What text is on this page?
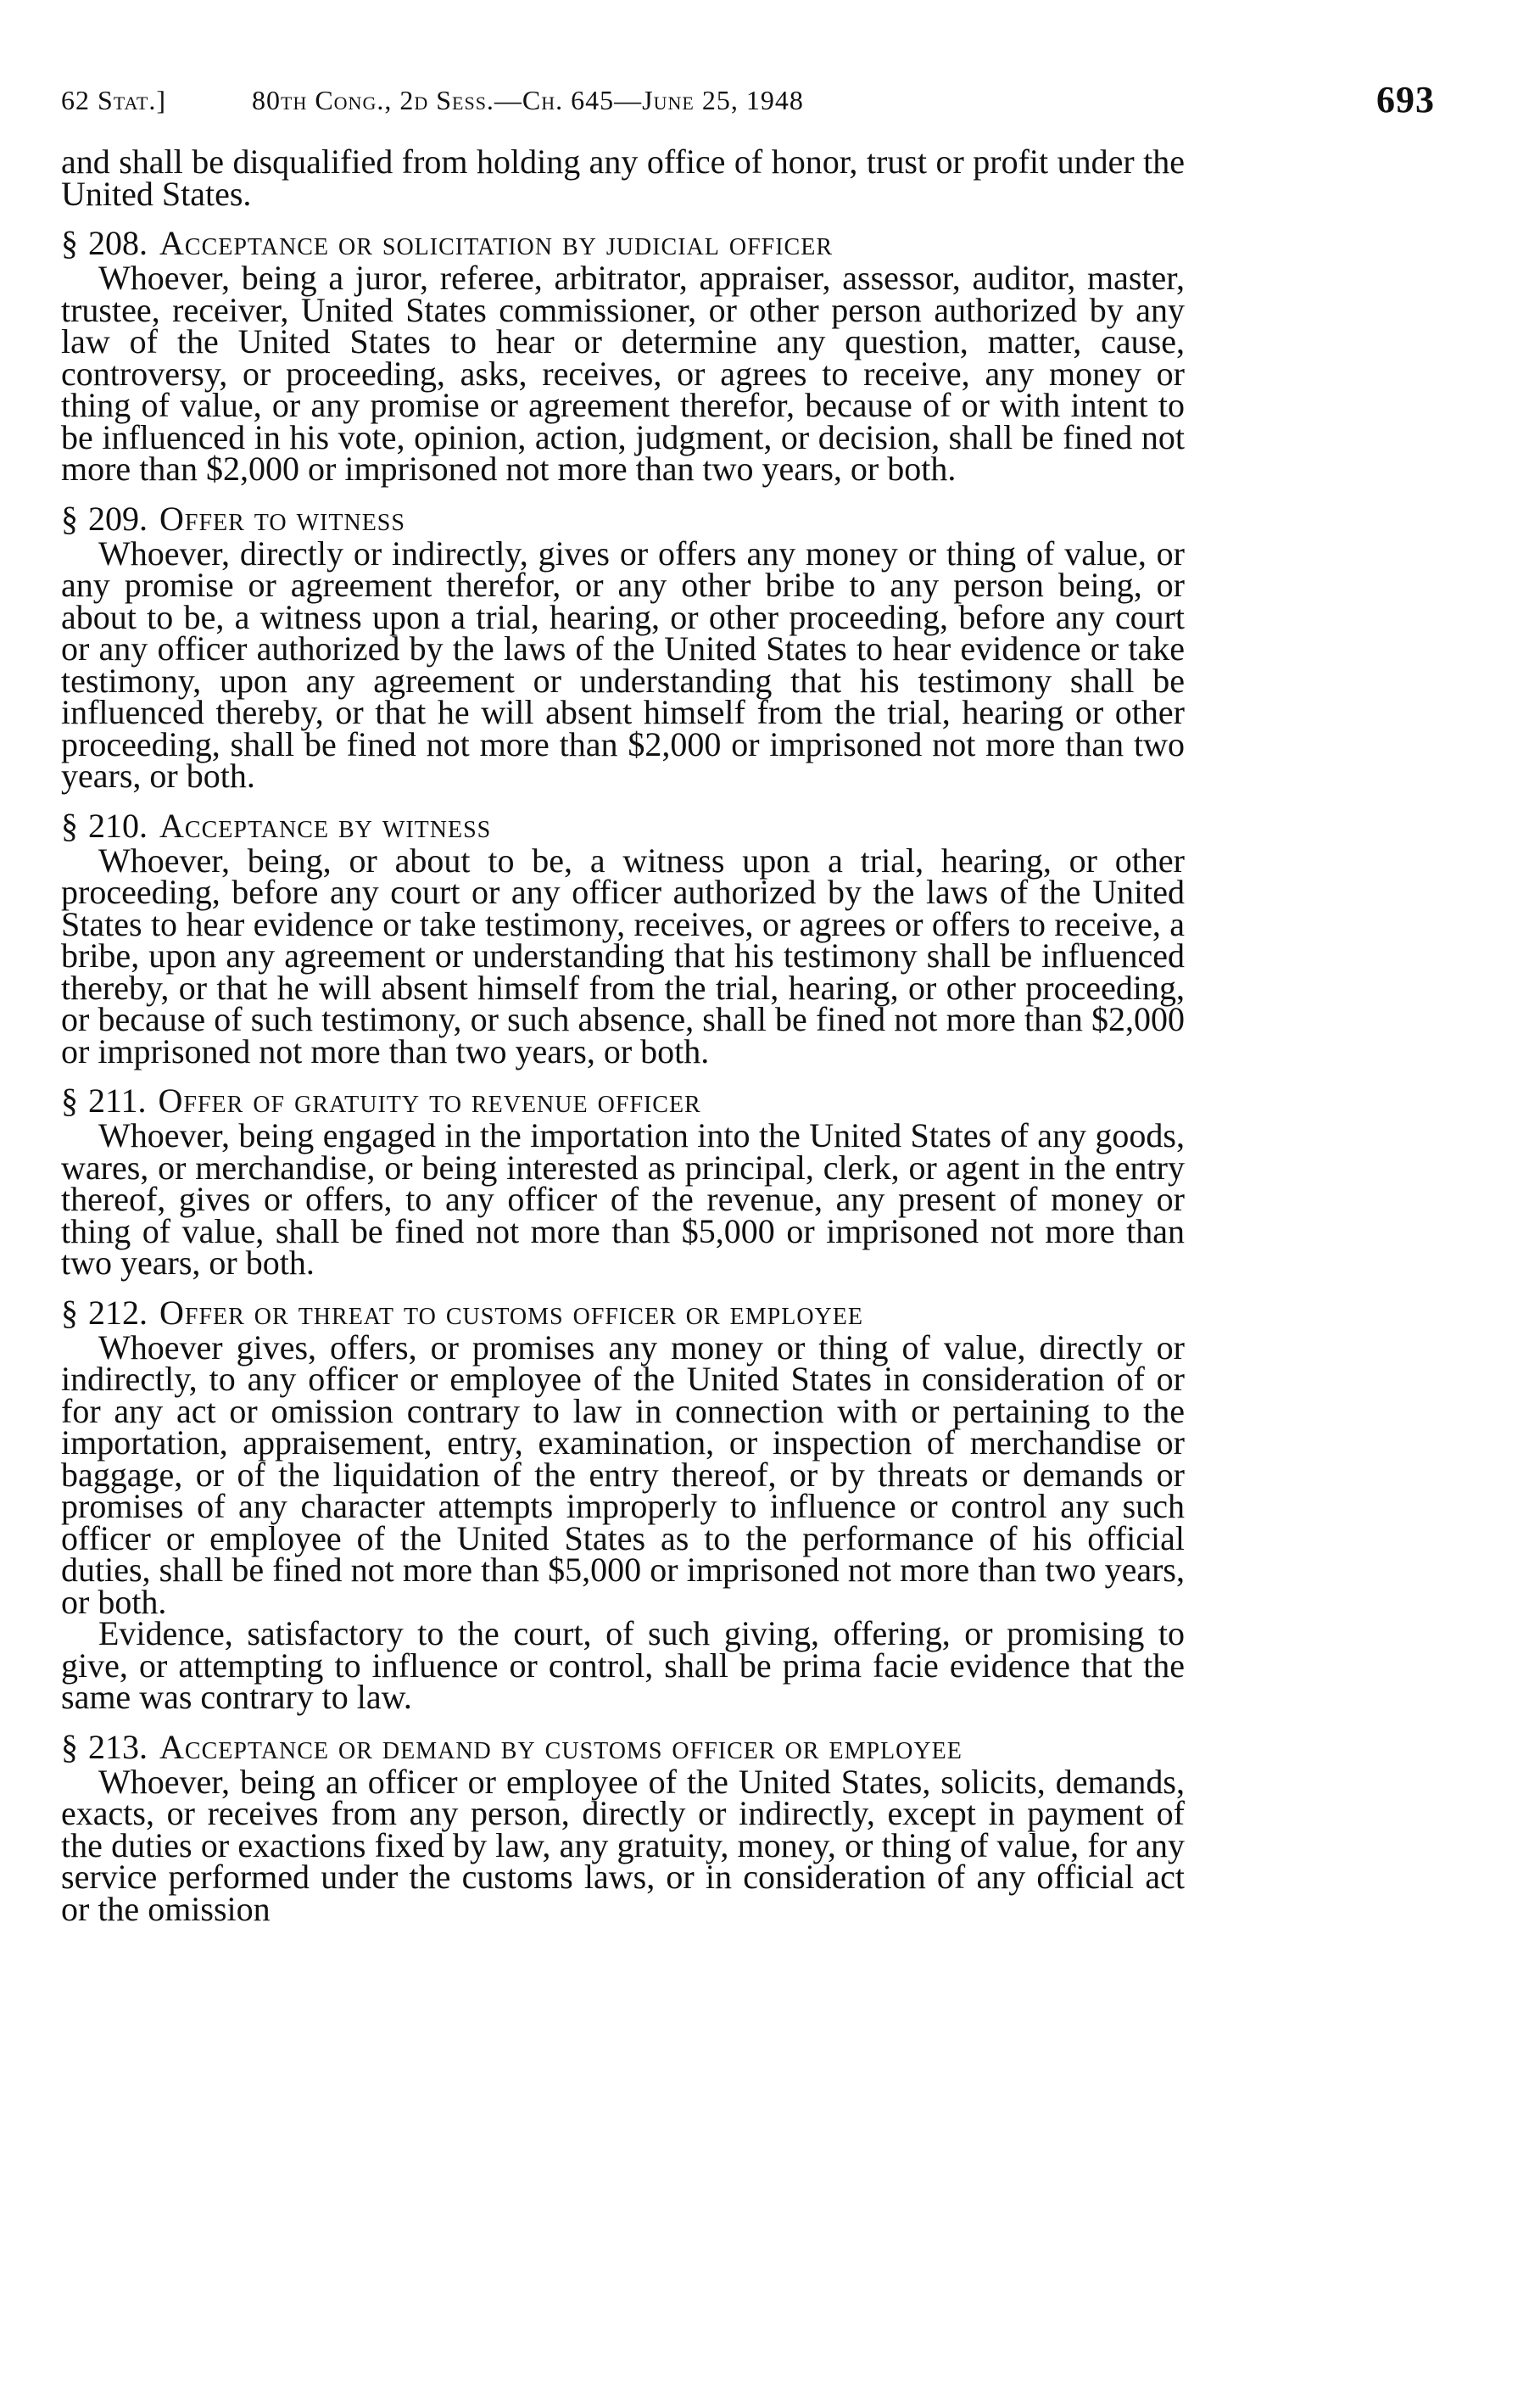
62 Stat.]	80th Cong., 2d Sess.—Ch. 645—June 25, 1948	693

and shall be disqualified from holding any office of honor, trust or profit under the United States.

§ 208. Acceptance or solicitation by judicial officer

Whoever, being a juror, referee, arbitrator, appraiser, assessor, auditor, master, trustee, receiver, United States commissioner, or other person authorized by any law of the United States to hear or determine any question, matter, cause, controversy, or proceeding, asks, receives, or agrees to receive, any money or thing of value, or any promise or agreement therefor, because of or with intent to be influenced in his vote, opinion, action, judgment, or decision, shall be fined not more than $2,000 or imprisoned not more than two years, or both.

§ 209. Offer to witness

Whoever, directly or indirectly, gives or offers any money or thing of value, or any promise or agreement therefor, or any other bribe to any person being, or about to be, a witness upon a trial, hearing, or other proceeding, before any court or any officer authorized by the laws of the United States to hear evidence or take testimony, upon any agreement or understanding that his testimony shall be influenced thereby, or that he will absent himself from the trial, hearing or other proceeding, shall be fined not more than $2,000 or imprisoned not more than two years, or both.

§ 210. Acceptance by witness

Whoever, being, or about to be, a witness upon a trial, hearing, or other proceeding, before any court or any officer authorized by the laws of the United States to hear evidence or take testimony, receives, or agrees or offers to receive, a bribe, upon any agreement or understanding that his testimony shall be influenced thereby, or that he will absent himself from the trial, hearing, or other proceeding, or because of such testimony, or such absence, shall be fined not more than $2,000 or imprisoned not more than two years, or both.

§ 211. Offer of gratuity to revenue officer

Whoever, being engaged in the importation into the United States of any goods, wares, or merchandise, or being interested as principal, clerk, or agent in the entry thereof, gives or offers, to any officer of the revenue, any present of money or thing of value, shall be fined not more than $5,000 or imprisoned not more than two years, or both.

§ 212. Offer or threat to customs officer or employee

Whoever gives, offers, or promises any money or thing of value, directly or indirectly, to any officer or employee of the United States in consideration of or for any act or omission contrary to law in connection with or pertaining to the importation, appraisement, entry, examination, or inspection of merchandise or baggage, or of the liquidation of the entry thereof, or by threats or demands or promises of any character attempts improperly to influence or control any such officer or employee of the United States as to the performance of his official duties, shall be fined not more than $5,000 or imprisoned not more than two years, or both.

Evidence, satisfactory to the court, of such giving, offering, or promising to give, or attempting to influence or control, shall be prima facie evidence that the same was contrary to law.

§ 213. Acceptance or demand by customs officer or employee

Whoever, being an officer or employee of the United States, solicits, demands, exacts, or receives from any person, directly or indirectly, except in payment of the duties or exactions fixed by law, any gratuity, money, or thing of value, for any service performed under the customs laws, or in consideration of any official act or the omission
